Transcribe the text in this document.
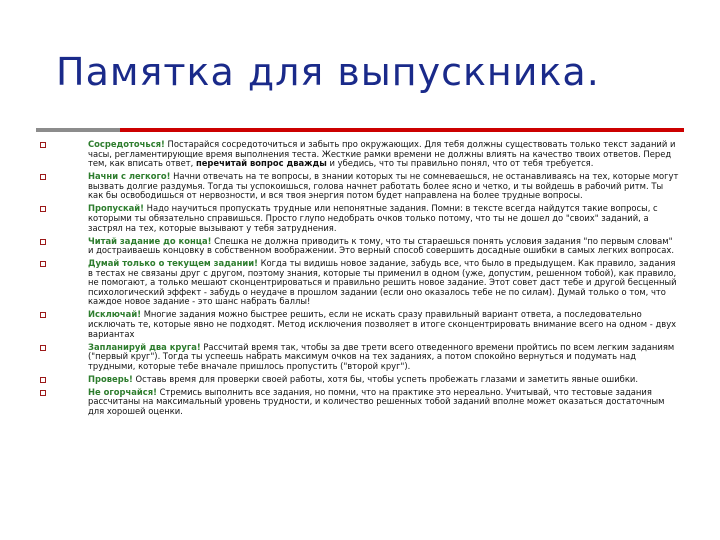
Памятка для выпускника.
Сосредоточься! Постарайся сосредоточиться и забыть про окружающих. Для тебя должны существовать только текст заданий и часы, регламентирующие время выполнения теста. Жесткие рамки времени не должны влиять на качество твоих ответов. Перед тем, как вписать ответ, перечитай вопрос дважды и убедись, что ты правильно понял, что от тебя требуется.
Начни с легкого! Начни отвечать на те вопросы, в знании которых ты не сомневаешься, не останавливаясь на тех, которые могут вызвать долгие раздумья. Тогда ты успокоишься, голова начнет работать более ясно и четко, и ты войдешь в рабочий ритм. Ты как бы освободишься от нервозности, и вся твоя энергия потом будет направлена на более трудные вопросы.
Пропускай! Надо научиться пропускать трудные или непонятные задания. Помни: в тексте всегда найдутся такие вопросы, с которыми ты обязательно справишься. Просто глупо недобрать очков только потому, что ты не дошел до "своих" заданий, а застрял на тех, которые вызывают у тебя затруднения.
Читай задание до конца! Спешка не должна приводить к тому, что ты стараешься понять условия задания "по первым словам" и достраиваешь концовку в собственном воображении. Это верный способ совершить досадные ошибки в самых легких вопросах.
Думай только о текущем задании! Когда ты видишь новое задание, забудь все, что было в предыдущем. Как правило, задания в тестах не связаны друг с другом, поэтому знания, которые ты применил в одном (уже, допустим, решенном тобой), как правило, не помогают, а только мешают сконцентрироваться и правильно решить новое задание. Этот совет даст тебе и другой бесценный психологический эффект - забудь о неудаче в прошлом задании (если оно оказалось тебе не по силам). Думай только о том, что каждое новое задание - это шанс набрать баллы!
Исключай! Многие задания можно быстрее решить, если не искать сразу правильный вариант ответа, а последовательно исключать те, которые явно не подходят. Метод исключения позволяет в итоге сконцентрировать внимание всего на одном - двух вариантах
Запланируй два круга! Рассчитай время так, чтобы за две трети всего отведенного времени пройтись по всем легким заданиям ("первый круг"). Тогда ты успеешь набрать максимум очков на тех заданиях, а потом спокойно вернуться и подумать над трудными, которые тебе вначале пришлось пропустить ("второй круг").
Проверь! Оставь время для проверки своей работы, хотя бы, чтобы успеть пробежать глазами и заметить явные ошибки.
Не огорчайся! Стремись выполнить все задания, но помни, что на практике это нереально. Учитывай, что тестовые задания рассчитаны на максимальный уровень трудности, и количество решенных тобой заданий вполне может оказаться достаточным для хорошей оценки.
